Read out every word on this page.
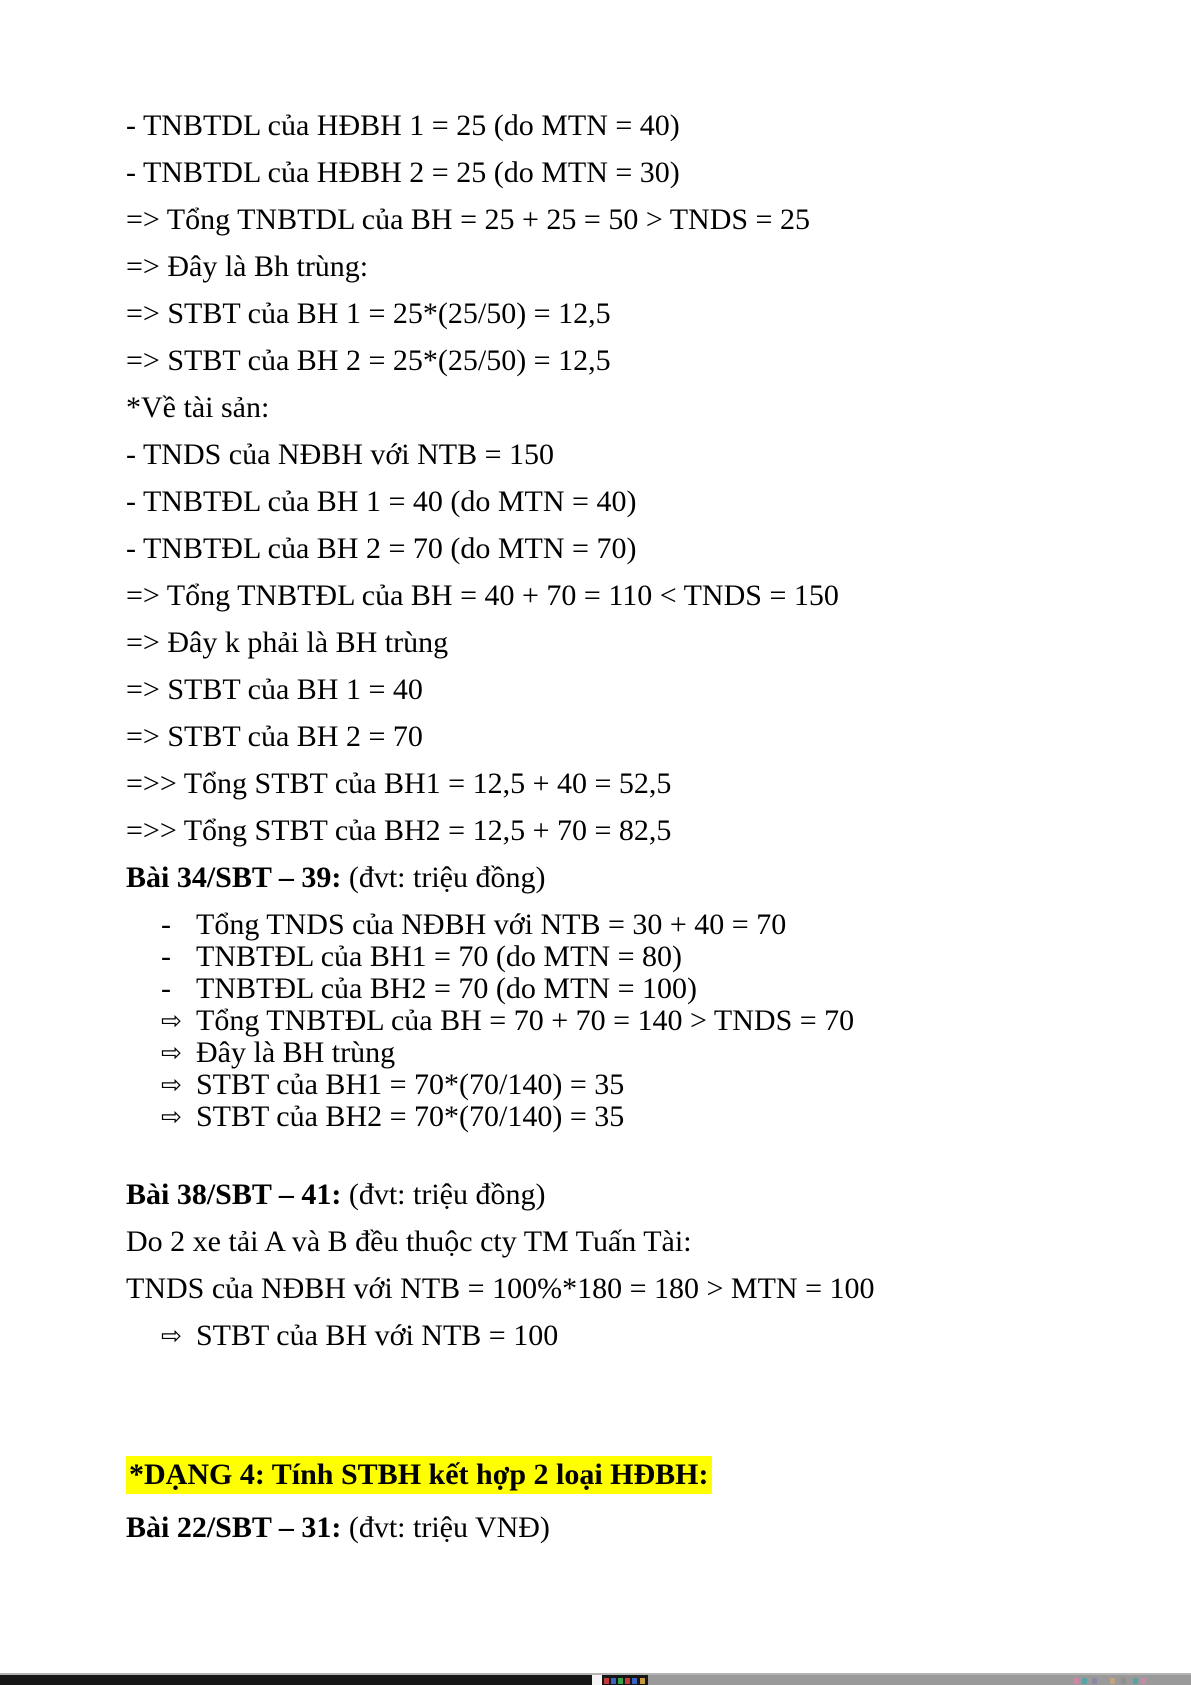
- TNBTDL của HĐBH 1 = 25 (do MTN = 40)

- TNBTDL của HĐBH 2 = 25 (do MTN = 30)

=> Tổng TNBTDL của BH = 25 + 25 = 50 > TNDS = 25

=> Đây là Bh trùng:

=> STBT của BH 1 = 25*(25/50) = 12,5

=> STBT của BH 2 = 25*(25/50) = 12,5

*Về tài sản:

- TNDS của NĐBH với NTB = 150

- TNBTĐL của BH 1 = 40 (do MTN = 40)

- TNBTĐL của BH 2 = 70 (do MTN = 70)

=> Tổng TNBTĐL của BH = 40 + 70 = 110 < TNDS = 150

=> Đây k phải là BH trùng

=> STBT của BH 1 = 40

=> STBT của BH 2 = 70

=>> Tổng STBT của BH1 = 12,5 + 40 = 52,5

=>> Tổng STBT của BH2 = 12,5 + 70 = 82,5

Bài 34/SBT – 39: (đvt: triệu đồng)

- Tổng TNDS của NĐBH với NTB = 30 + 40 = 70
- TNBTĐL của BH1 = 70 (do MTN = 80)
- TNBTĐL của BH2 = 70 (do MTN = 100)
⇨ Tổng TNBTĐL của BH = 70 + 70 = 140 > TNDS = 70
⇨ Đây là BH trùng
⇨ STBT của BH1 = 70*(70/140) = 35
⇨ STBT của BH2 = 70*(70/140) = 35

Bài 38/SBT – 41: (đvt: triệu đồng)

Do 2 xe tải A và B đều thuộc cty TM Tuấn Tài:

TNDS của NĐBH với NTB = 100%*180 = 180 > MTN = 100

⇨ STBT của BH với NTB = 100

*DẠNG 4: Tính STBH kết hợp 2 loại HĐBH:

Bài 22/SBT – 31: (đvt: triệu VNĐ)
